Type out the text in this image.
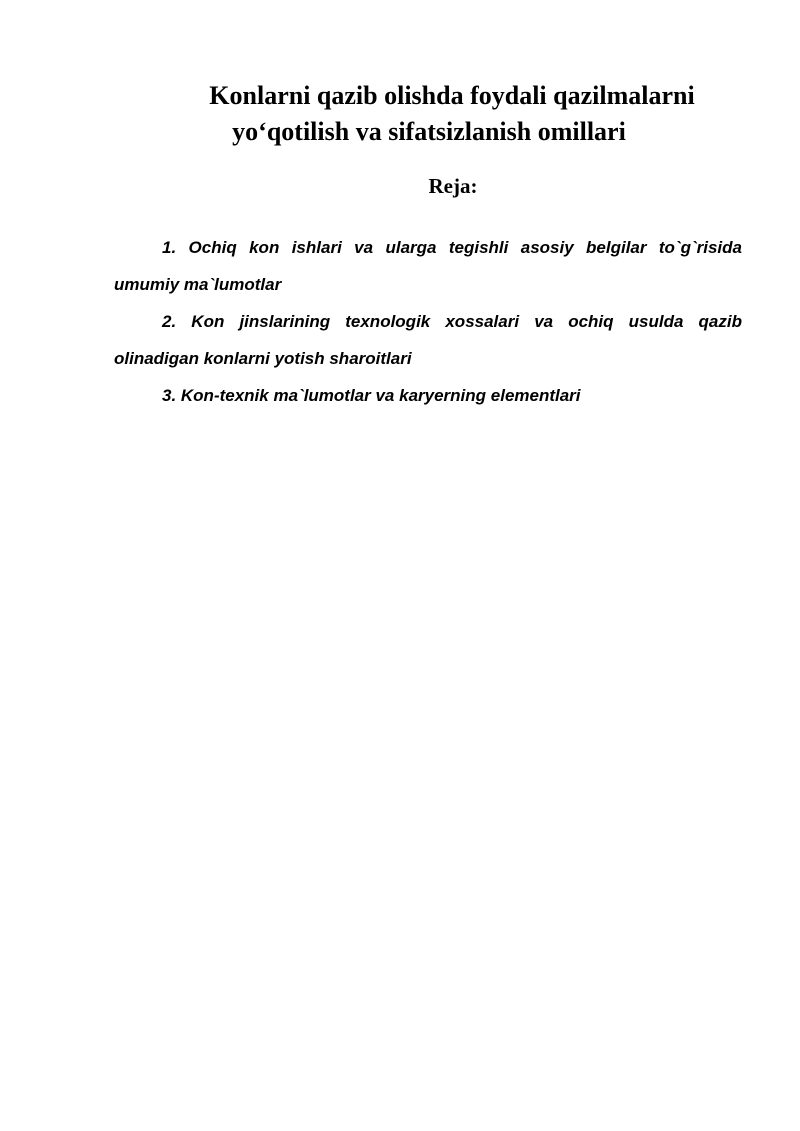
Konlarni qazib olishda foydali qazilmalarni
yo‘qotilish va sifatsizlanish omillari
Reja:
1. Ochiq kon ishlari va ularga tegishli asosiy belgilar to`g`risida umumiy ma`lumotlar
2. Kon jinslarining texnologik xossalari va ochiq usulda qazib olinadigan konlarni yotish sharoitlari
3. Kon-texnik ma`lumotlar va karyerning elementlari
